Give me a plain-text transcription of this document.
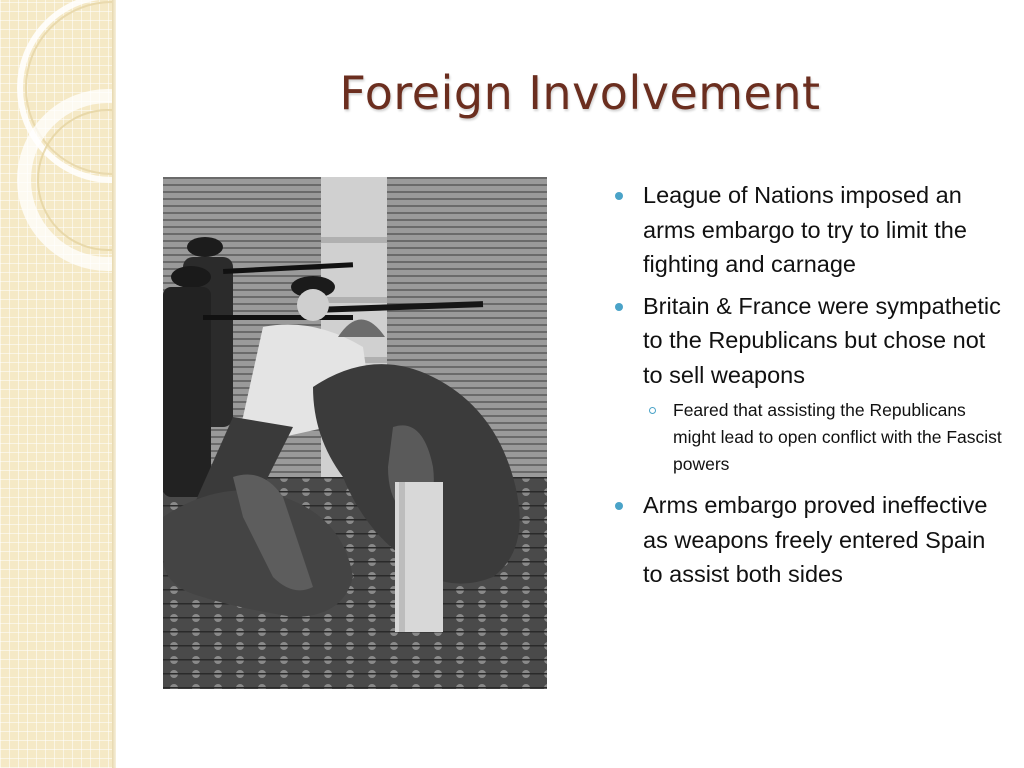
Foreign Involvement
League of Nations imposed an arms embargo to try to limit the fighting and carnage
Britain & France were sympathetic to the Republicans but chose not to sell weapons
Feared that assisting the Republicans might lead to open conflict with the Fascist powers
Arms embargo proved ineffective as weapons freely entered Spain to assist both sides
